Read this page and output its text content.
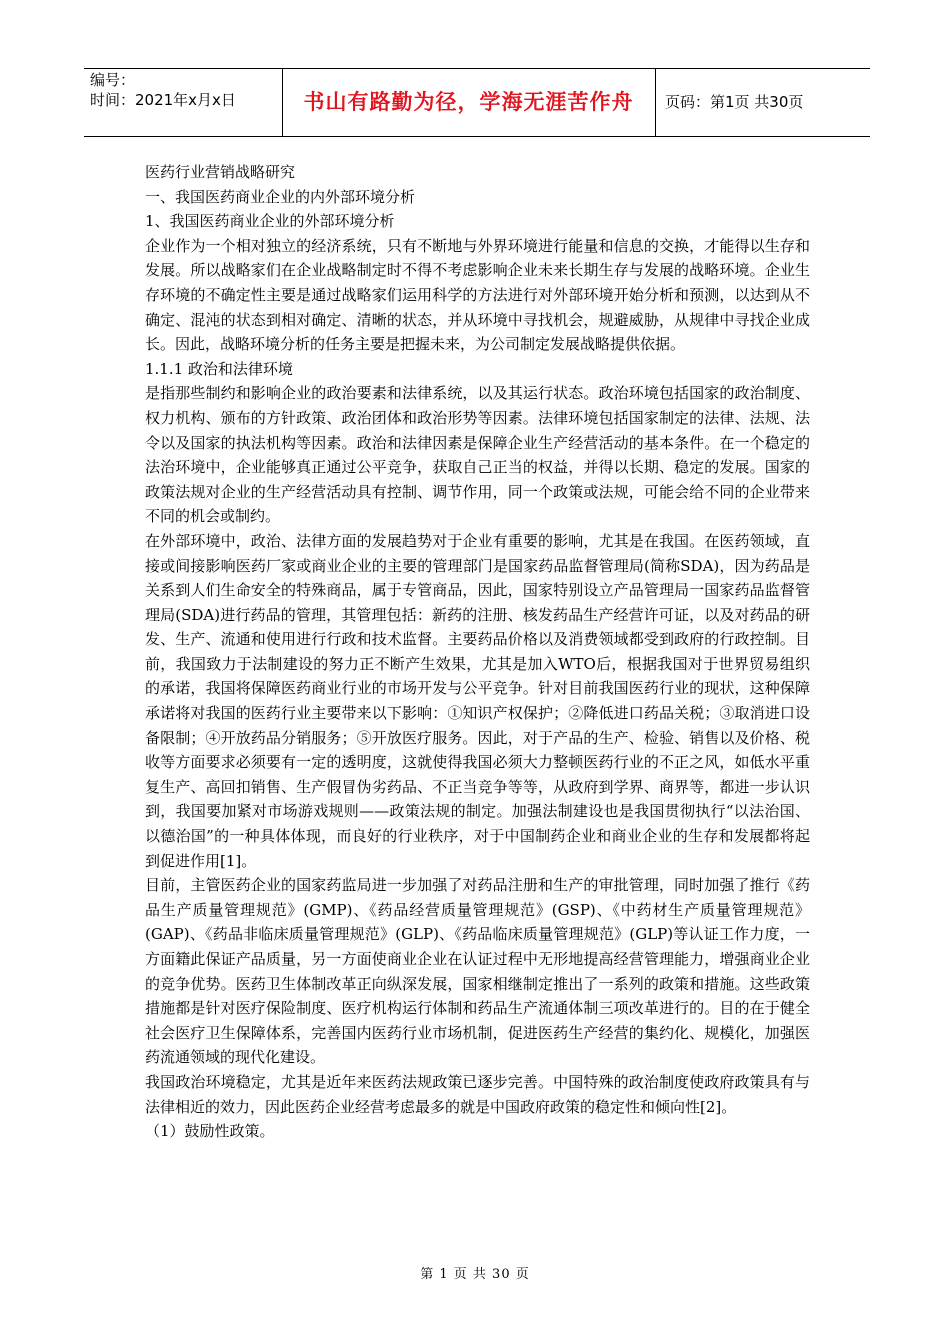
编号：
时间：2021年x月x日	书山有路勤为径，学海无涯苦作舟	页码：第1页 共30页
医药行业营销战略研究
一、我国医药商业企业的内外部环境分析
1、我国医药商业企业的外部环境分析
企业作为一个相对独立的经济系统，只有不断地与外界环境进行能量和信息的交换，才能得以生存和发展。所以战略家们在企业战略制定时不得不考虑影响企业未来长期生存与发展的战略环境。企业生存环境的不确定性主要是通过战略家们运用科学的方法进行对外部环境开始分析和预测，以达到从不确定、混沌的状态到相对确定、清晰的状态，并从环境中寻找机会，规避威胁，从规律中寻找企业成长。因此，战略环境分析的任务主要是把握未来，为公司制定发展战略提供依据。
1.1.1 政治和法律环境
是指那些制约和影响企业的政治要素和法律系统，以及其运行状态。政治环境包括国家的政治制度、权力机构、颁布的方针政策、政治团体和政治形势等因素。法律环境包括国家制定的法律、法规、法令以及国家的执法机构等因素。政治和法律因素是保障企业生产经营活动的基本条件。在一个稳定的法治环境中，企业能够真正通过公平竞争，获取自己正当的权益，并得以长期、稳定的发展。国家的政策法规对企业的生产经营活动具有控制、调节作用，同一个政策或法规，可能会给不同的企业带来不同的机会或制约。
在外部环境中，政治、法律方面的发展趋势对于企业有重要的影响，尤其是在我国。在医药领域，直接或间接影响医药厂家或商业企业的主要的管理部门是国家药品监督管理局(简称SDA)，因为药品是关系到人们生命安全的特殊商品，属于专管商品，因此，国家特别设立产品管理局一国家药品监督管理局(SDA)进行药品的管理，其管理包括：新药的注册、核发药品生产经营许可证，以及对药品的研发、生产、流通和使用进行行政和技术监督。主要药品价格以及消费领域都受到政府的行政控制。目前，我国致力于法制建设的努力正不断产生效果，尤其是加入WTO后，根据我国对于世界贸易组织的承诺，我国将保障医药商业行业的市场开发与公平竞争。针对目前我国医药行业的现状，这种保障承诺将对我国的医药行业主要带来以下影响：①知识产权保护；②降低进口药品关税；③取消进口设备限制；④开放药品分销服务；⑤开放医疗服务。因此，对于产品的生产、检验、销售以及价格、税收等方面要求必须要有一定的透明度，这就使得我国必须大力整顿医药行业的不正之风，如低水平重复生产、高回扣销售、生产假冒伪劣药品、不正当竞争等等，从政府到学界、商界等，都进一步认识到，我国要加紧对市场游戏规则——政策法规的制定。加强法制建设也是我国贯彻执行“以法治国、以德治国”的一种具体体现，而良好的行业秩序，对于中国制药企业和商业企业的生存和发展都将起到促进作用[1]。
目前，主管医药企业的国家药监局进一步加强了对药品注册和生产的审批管理，同时加强了推行《药品生产质量管理规范》(GMP)、《药品经营质量管理规范》(GSP)、《中药材生产质量管理规范》(GAP)、《药品非临床质量管理规范》(GLP)、《药品临床质量管理规范》(GLP)等认证工作力度，一方面籍此保证产品质量，另一方面使商业企业在认证过程中无形地提高经营管理能力，增强商业企业的竞争优势。医药卫生体制改革正向纵深发展，国家相继制定推出了一系列的政策和措施。这些政策措施都是针对医疗保险制度、医疗机构运行体制和药品生产流通体制三项改革进行的。目的在于健全社会医疗卫生保障体系，完善国内医药行业市场机制，促进医药生产经营的集约化、规模化，加强医药流通领域的现代化建设。
我国政治环境稳定，尤其是近年来医药法规政策已逐步完善。中国特殊的政治制度使政府政策具有与法律相近的效力，因此医药企业经营考虑最多的就是中国政府政策的稳定性和倾向性[2]。
（1）鼓励性政策。
第 1 页 共 30 页
